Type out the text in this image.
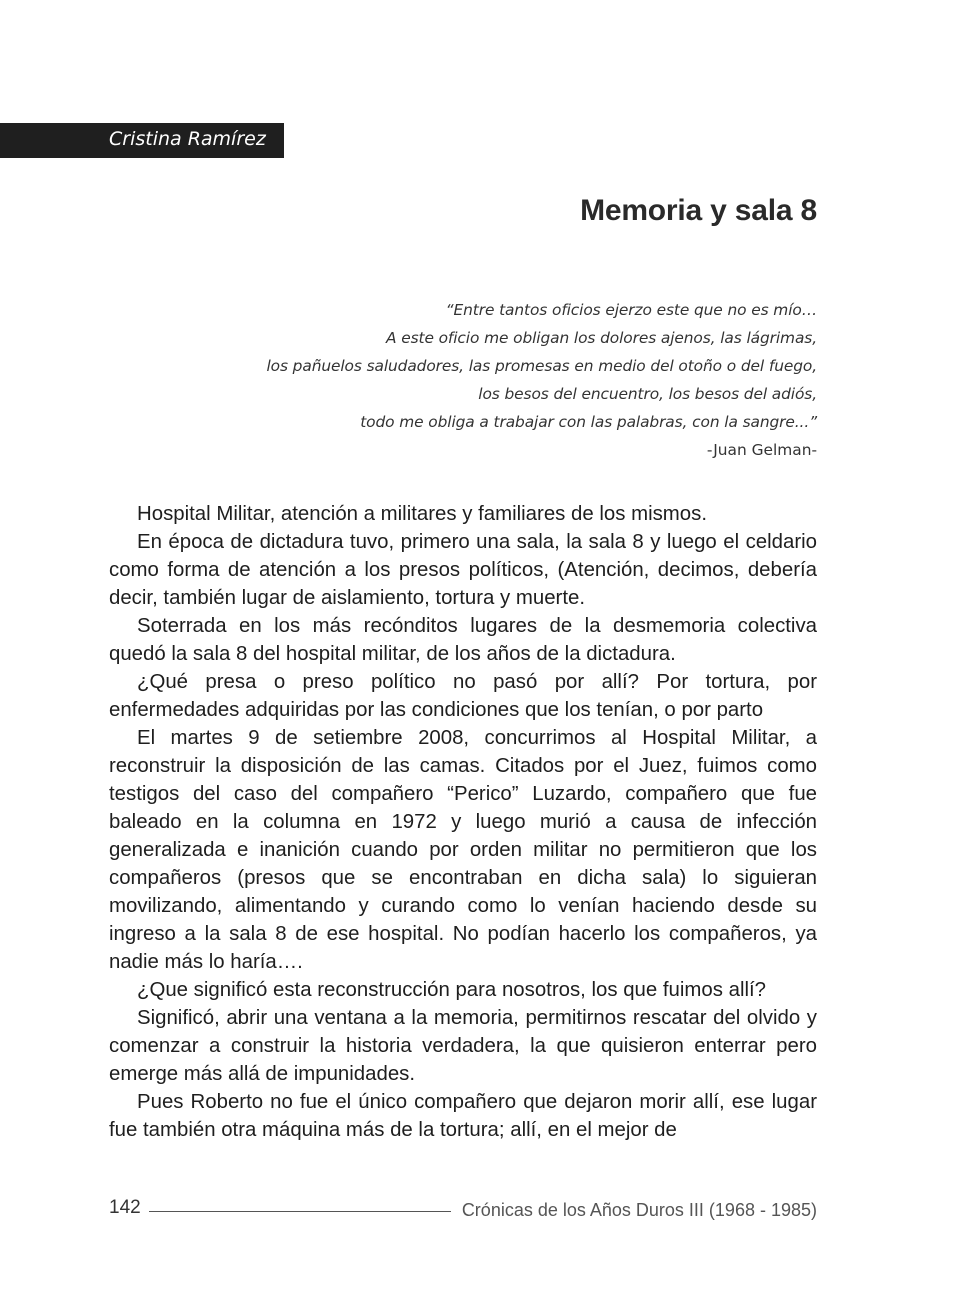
Cristina Ramírez
Memoria y sala 8
“Entre tantos oficios ejerzo este que no es mío…
A este oficio me obligan los dolores ajenos, las lágrimas,
los pañuelos saludadores, las promesas en medio del otoño o del fuego,
los besos del encuentro, los besos del adiós,
todo me obliga a trabajar con las palabras, con la sangre...”
-Juan Gelman-

Hospital Militar, atención a militares y familiares de los mismos.

En época de dictadura tuvo, primero una sala, la sala 8 y luego el celdario como forma de atención a los presos políticos, (Atención, decimos, debería decir, también lugar de aislamiento, tortura y muerte.

Soterrada en los más recónditos lugares de la desmemoria colectiva quedó la sala 8 del hospital militar, de los años de la dictadura.

¿Qué presa o preso político no pasó por allí? Por tortura, por enfermedades adquiridas por las condiciones que los tenían, o por parto

El martes 9 de setiembre 2008, concurrimos al Hospital Militar, a reconstruir la disposición de las camas. Citados por el Juez, fuimos como testigos del caso del compañero “Perico” Luzardo, compañero que fue baleado en la columna en 1972 y luego murió a causa de infección generalizada e inanición cuando por orden militar no permitieron que los compañeros (presos que se encontraban en dicha sala) lo siguieran movilizando, alimentando y curando como lo venían haciendo desde su ingreso a la sala 8 de ese hospital. No podían hacerlo los compañeros, ya nadie más lo haría….

¿Que significó esta reconstrucción para nosotros, los que fuimos allí?

Significó, abrir una ventana a la memoria, permitirnos rescatar del olvido y comenzar a construir la historia verdadera, la que quisieron enterrar pero emerge más allá de impunidades.

Pues Roberto no fue el único compañero que dejaron morir allí, ese lugar fue también otra máquina más de la tortura; allí, en el mejor de

142	Crónicas de los Años Duros III (1968 - 1985)
